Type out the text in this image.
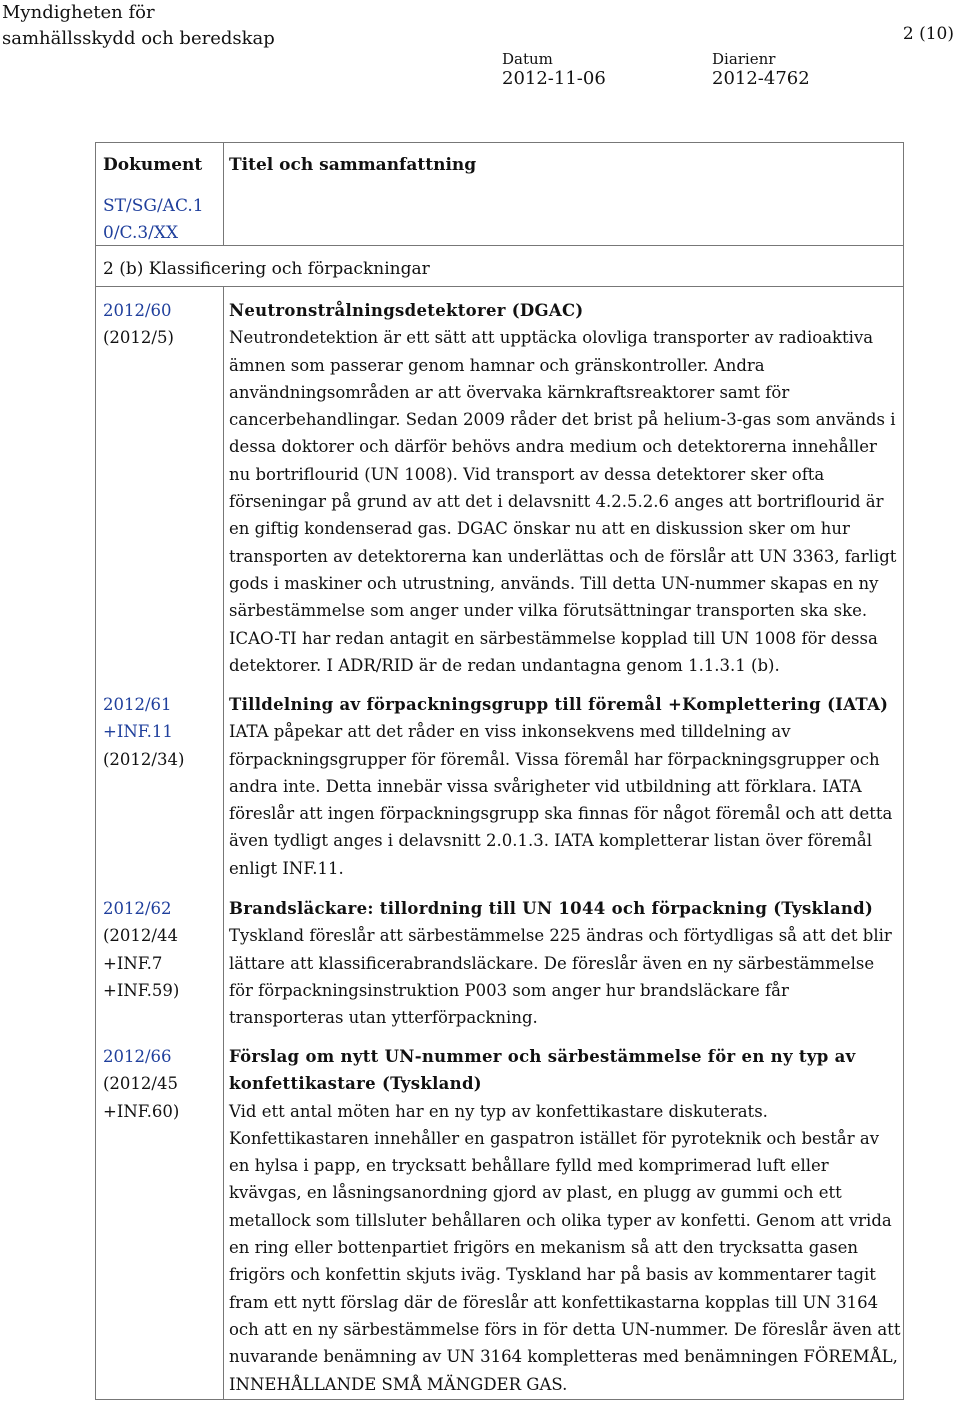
Myndigheten för
samhällsskydd och beredskap	2 (10)
Datum
2012-11-06
Diarienr
2012-4762
Dokument
ST/SG/AC.1
0/C.3/XX
Titel och sammanfattning
2 (b) Klassificering och förpackningar
2012/60
(2012/5)

Neutronstrålningsdetektorer (DGAC)

Neutrondetektion är ett sätt att upptäcka olovliga transporter av radioaktiva ämnen som passerar genom hamnar och gränskontroller. Andra användningsområden ar att övervaka kärnkraftsreaktorer samt för cancerbehandlingar. Sedan 2009 råder det brist på helium-3-gas som används i dessa doktorer och därför behövs andra medium och detektorerna innehåller nu bortriflourid (UN 1008). Vid transport av dessa detektorer sker ofta förseningar på grund av att det i delavsnitt 4.2.5.2.6 anges att bortriflourid är en giftig kondenserad gas. DGAC önskar nu att en diskussion sker om hur transporten av detektorerna kan underlättas och de förslår att UN 3363, farligt gods i maskiner och utrustning, används. Till detta UN-nummer skapas en ny särbestämmelse som anger under vilka förutsättningar transporten ska ske. ICAO-TI har redan antagit en särbestämmelse kopplad till UN 1008 för dessa detektorer. I ADR/RID är de redan undantagna genom 1.1.3.1 (b).

2012/61
+INF.11
(2012/34)

Tilldelning av förpackningsgrupp till föremål +Komplettering (IATA)

IATA påpekar att det råder en viss inkonsekvens med tilldelning av förpackningsgrupper för föremål. Vissa föremål har förpackningsgrupper och andra inte. Detta innebär vissa svårigheter vid utbildning att förklara. IATA föreslår att ingen förpackningsgrupp ska finnas för något föremål och att detta även tydligt anges i delavsnitt 2.0.1.3. IATA kompletterar listan över föremål enligt INF.11.

2012/62
(2012/44
+INF.7
+INF.59)

Brandsläckare: tillordning till UN 1044 och förpackning (Tyskland)

Tyskland föreslår att särbestämmelse 225 ändras och förtydligas så att det blir lättare att klassificerabrandsläckare. De föreslår även en ny särbestämmelse för förpackningsinstruktion P003 som anger hur brandsläckare får transporteras utan ytterförpackning.

2012/66
(2012/45
+INF.60)

Förslag om nytt UN-nummer och särbestämmelse för en ny typ av konfettikastare (Tyskland)

Vid ett antal möten har en ny typ av konfettikastare diskuterats. Konfettikastaren innehåller en gaspatron istället för pyroteknik och består av en hylsa i papp, en trycksatt behållare fylld med komprimerad luft eller kvävgas, en låsningsanordning gjord av plast, en plugg av gummi och ett metallock som tillsluter behållaren och olika typer av konfetti. Genom att vrida en ring eller bottenpartiet frigörs en mekanism så att den trycksatta gasen frigörs och konfettin skjuts iväg. Tyskland har på basis av kommentarer tagit fram ett nytt förslag där de föreslår att konfettikastarna kopplas till UN 3164 och att en ny särbestämmelse förs in för detta UN-nummer. De föreslår även att nuvarande benämning av UN 3164 kompletteras med benämningen FÖREMÅL, INNEHÅLLANDE SMÅ MÄNGDER GAS.
